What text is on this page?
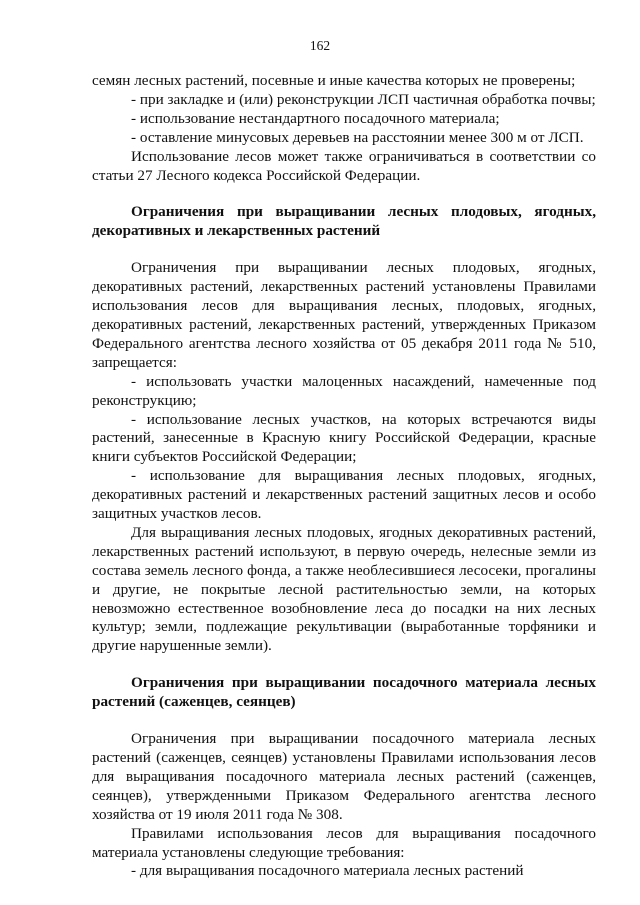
162

семян лесных растений, посевные и иные качества которых не проверены;

- при закладке и (или) реконструкции ЛСП частичная обработка почвы;

- использование нестандартного посадочного материала;

- оставление минусовых деревьев на расстоянии менее 300 м от ЛСП.

Использование лесов может также ограничиваться в соответствии со статьи 27 Лесного кодекса Российской Федерации.

Ограничения при выращивании лесных плодовых, ягодных, декоративных и лекарственных растений

Ограничения при выращивании лесных плодовых, ягодных, декоративных растений, лекарственных растений установлены Правилами использования лесов для выращивания лесных, плодовых, ягодных, декоративных растений, лекарственных растений, утвержденных Приказом Федерального агентства лесного хозяйства от 05 декабря 2011 года № 510, запрещается:

- использовать участки малоценных насаждений, намеченные под реконструкцию;

- использование лесных участков, на которых встречаются виды растений, занесенные в Красную книгу Российской Федерации, красные книги субъектов Российской Федерации;

- использование для выращивания лесных плодовых, ягодных, декоративных растений и лекарственных растений защитных лесов и особо защитных участков лесов.

Для выращивания лесных плодовых, ягодных декоративных растений, лекарственных растений используют, в первую очередь, нелесные земли из состава земель лесного фонда, а также необлесившиеся лесосеки, прогалины и другие, не покрытые лесной растительностью земли, на которых невозможно естественное возобновление леса до посадки на них лесных культур; земли, подлежащие рекультивации (выработанные торфяники и другие нарушенные земли).

Ограничения при выращивании посадочного материала лесных растений (саженцев, сеянцев)

Ограничения при выращивании посадочного материала лесных растений (саженцев, сеянцев) установлены Правилами использования лесов для выращивания посадочного материала лесных растений (саженцев, сеянцев), утвержденными Приказом Федерального агентства лесного хозяйства от 19 июля 2011 года № 308.

Правилами использования лесов для выращивания посадочного материала установлены следующие требования:

- для выращивания посадочного материала лесных растений
